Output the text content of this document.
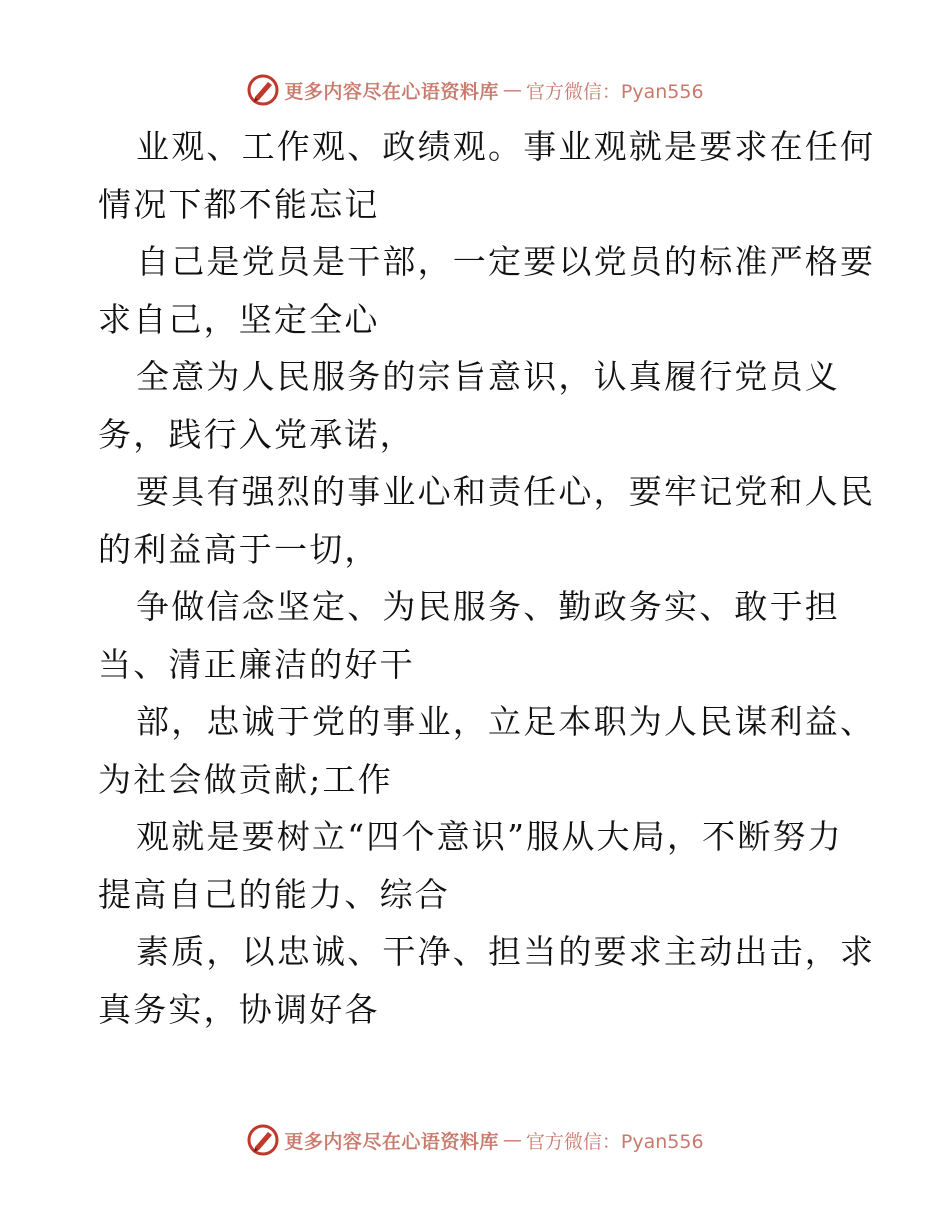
更多内容尽在心语资料库 — 官方微信：Pyan556

业观、工作观、政绩观。事业观就是要求在任何
情况下都不能忘记

自己是党员是干部，一定要以党员的标准严格要
求自己，坚定全心

全意为人民服务的宗旨意识，认真履行党员义
务，践行入党承诺，

要具有强烈的事业心和责任心，要牢记党和人民
的利益高于一切，

争做信念坚定、为民服务、勤政务实、敢于担
当、清正廉洁的好干

部，忠诚于党的事业，立足本职为人民谋利益、
为社会做贡献;工作

观就是要树立“四个意识”服从大局，不断努力
提高自己的能力、综合

素质，以忠诚、干净、担当的要求主动出击，求
真务实，协调好各

更多内容尽在心语资料库 — 官方微信：Pyan556
